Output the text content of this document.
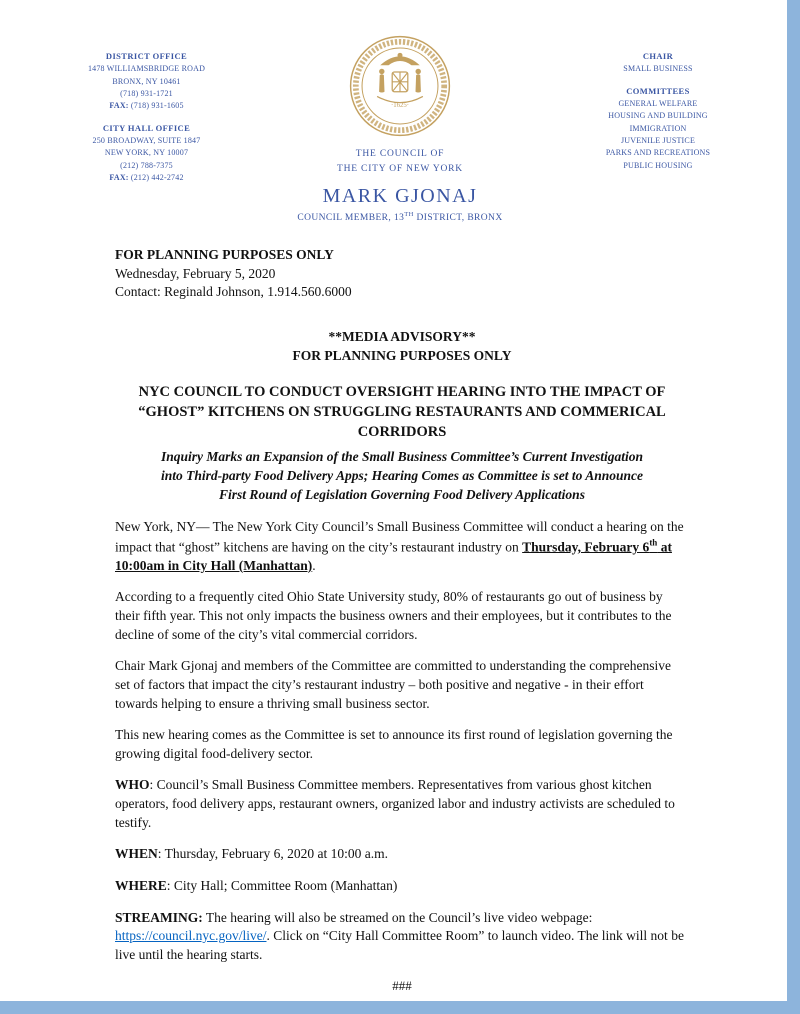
DISTRICT OFFICE
1478 WILLIAMSBRIDGE ROAD
BRONX, NY 10461
(718) 931-1721
FAX: (718) 931-1605
CITY HALL OFFICE
250 BROADWAY, SUITE 1847
NEW YORK, NY 10007
(212) 788-7375
FAX: (212) 442-2742
·1625·
THE COUNCIL OF
THE CITY OF NEW YORK
MARK GJONAJ
COUNCIL MEMBER, 13TH DISTRICT, BRONX
CHAIR
SMALL BUSINESS
COMMITTEES
GENERAL WELFARE
HOUSING AND BUILDING
IMMIGRATION
JUVENILE JUSTICE
PARKS AND RECREATIONS
PUBLIC HOUSING
FOR PLANNING PURPOSES ONLY
Wednesday, February 5, 2020
Contact: Reginald Johnson, 1.914.560.6000
**MEDIA ADVISORY**
FOR PLANNING PURPOSES ONLY
NYC COUNCIL TO CONDUCT OVERSIGHT HEARING INTO THE IMPACT OF “GHOST” KITCHENS ON STRUGGLING RESTAURANTS AND COMMERICAL CORRIDORS
Inquiry Marks an Expansion of the Small Business Committee’s Current Investigation into Third-party Food Delivery Apps; Hearing Comes as Committee is set to Announce First Round of Legislation Governing Food Delivery Applications

New York, NY— The New York City Council’s Small Business Committee will conduct a hearing on the impact that “ghost” kitchens are having on the city’s restaurant industry on Thursday, February 6th at 10:00am in City Hall (Manhattan).

According to a frequently cited Ohio State University study, 80% of restaurants go out of business by their fifth year. This not only impacts the business owners and their employees, but it contributes to the decline of some of the city’s vital commercial corridors.

Chair Mark Gjonaj and members of the Committee are committed to understanding the comprehensive set of factors that impact the city’s restaurant industry – both positive and negative - in their effort towards helping to ensure a thriving small business sector.

This new hearing comes as the Committee is set to announce its first round of legislation governing the growing digital food-delivery sector.

WHO: Council’s Small Business Committee members. Representatives from various ghost kitchen operators, food delivery apps, restaurant owners, organized labor and industry activists are scheduled to testify.

WHEN: Thursday, February 6, 2020 at 10:00 a.m.

WHERE: City Hall; Committee Room (Manhattan)

STREAMING: The hearing will also be streamed on the Council’s live video webpage: https://council.nyc.gov/live/. Click on “City Hall Committee Room” to launch video. The link will not be live until the hearing starts.

###
